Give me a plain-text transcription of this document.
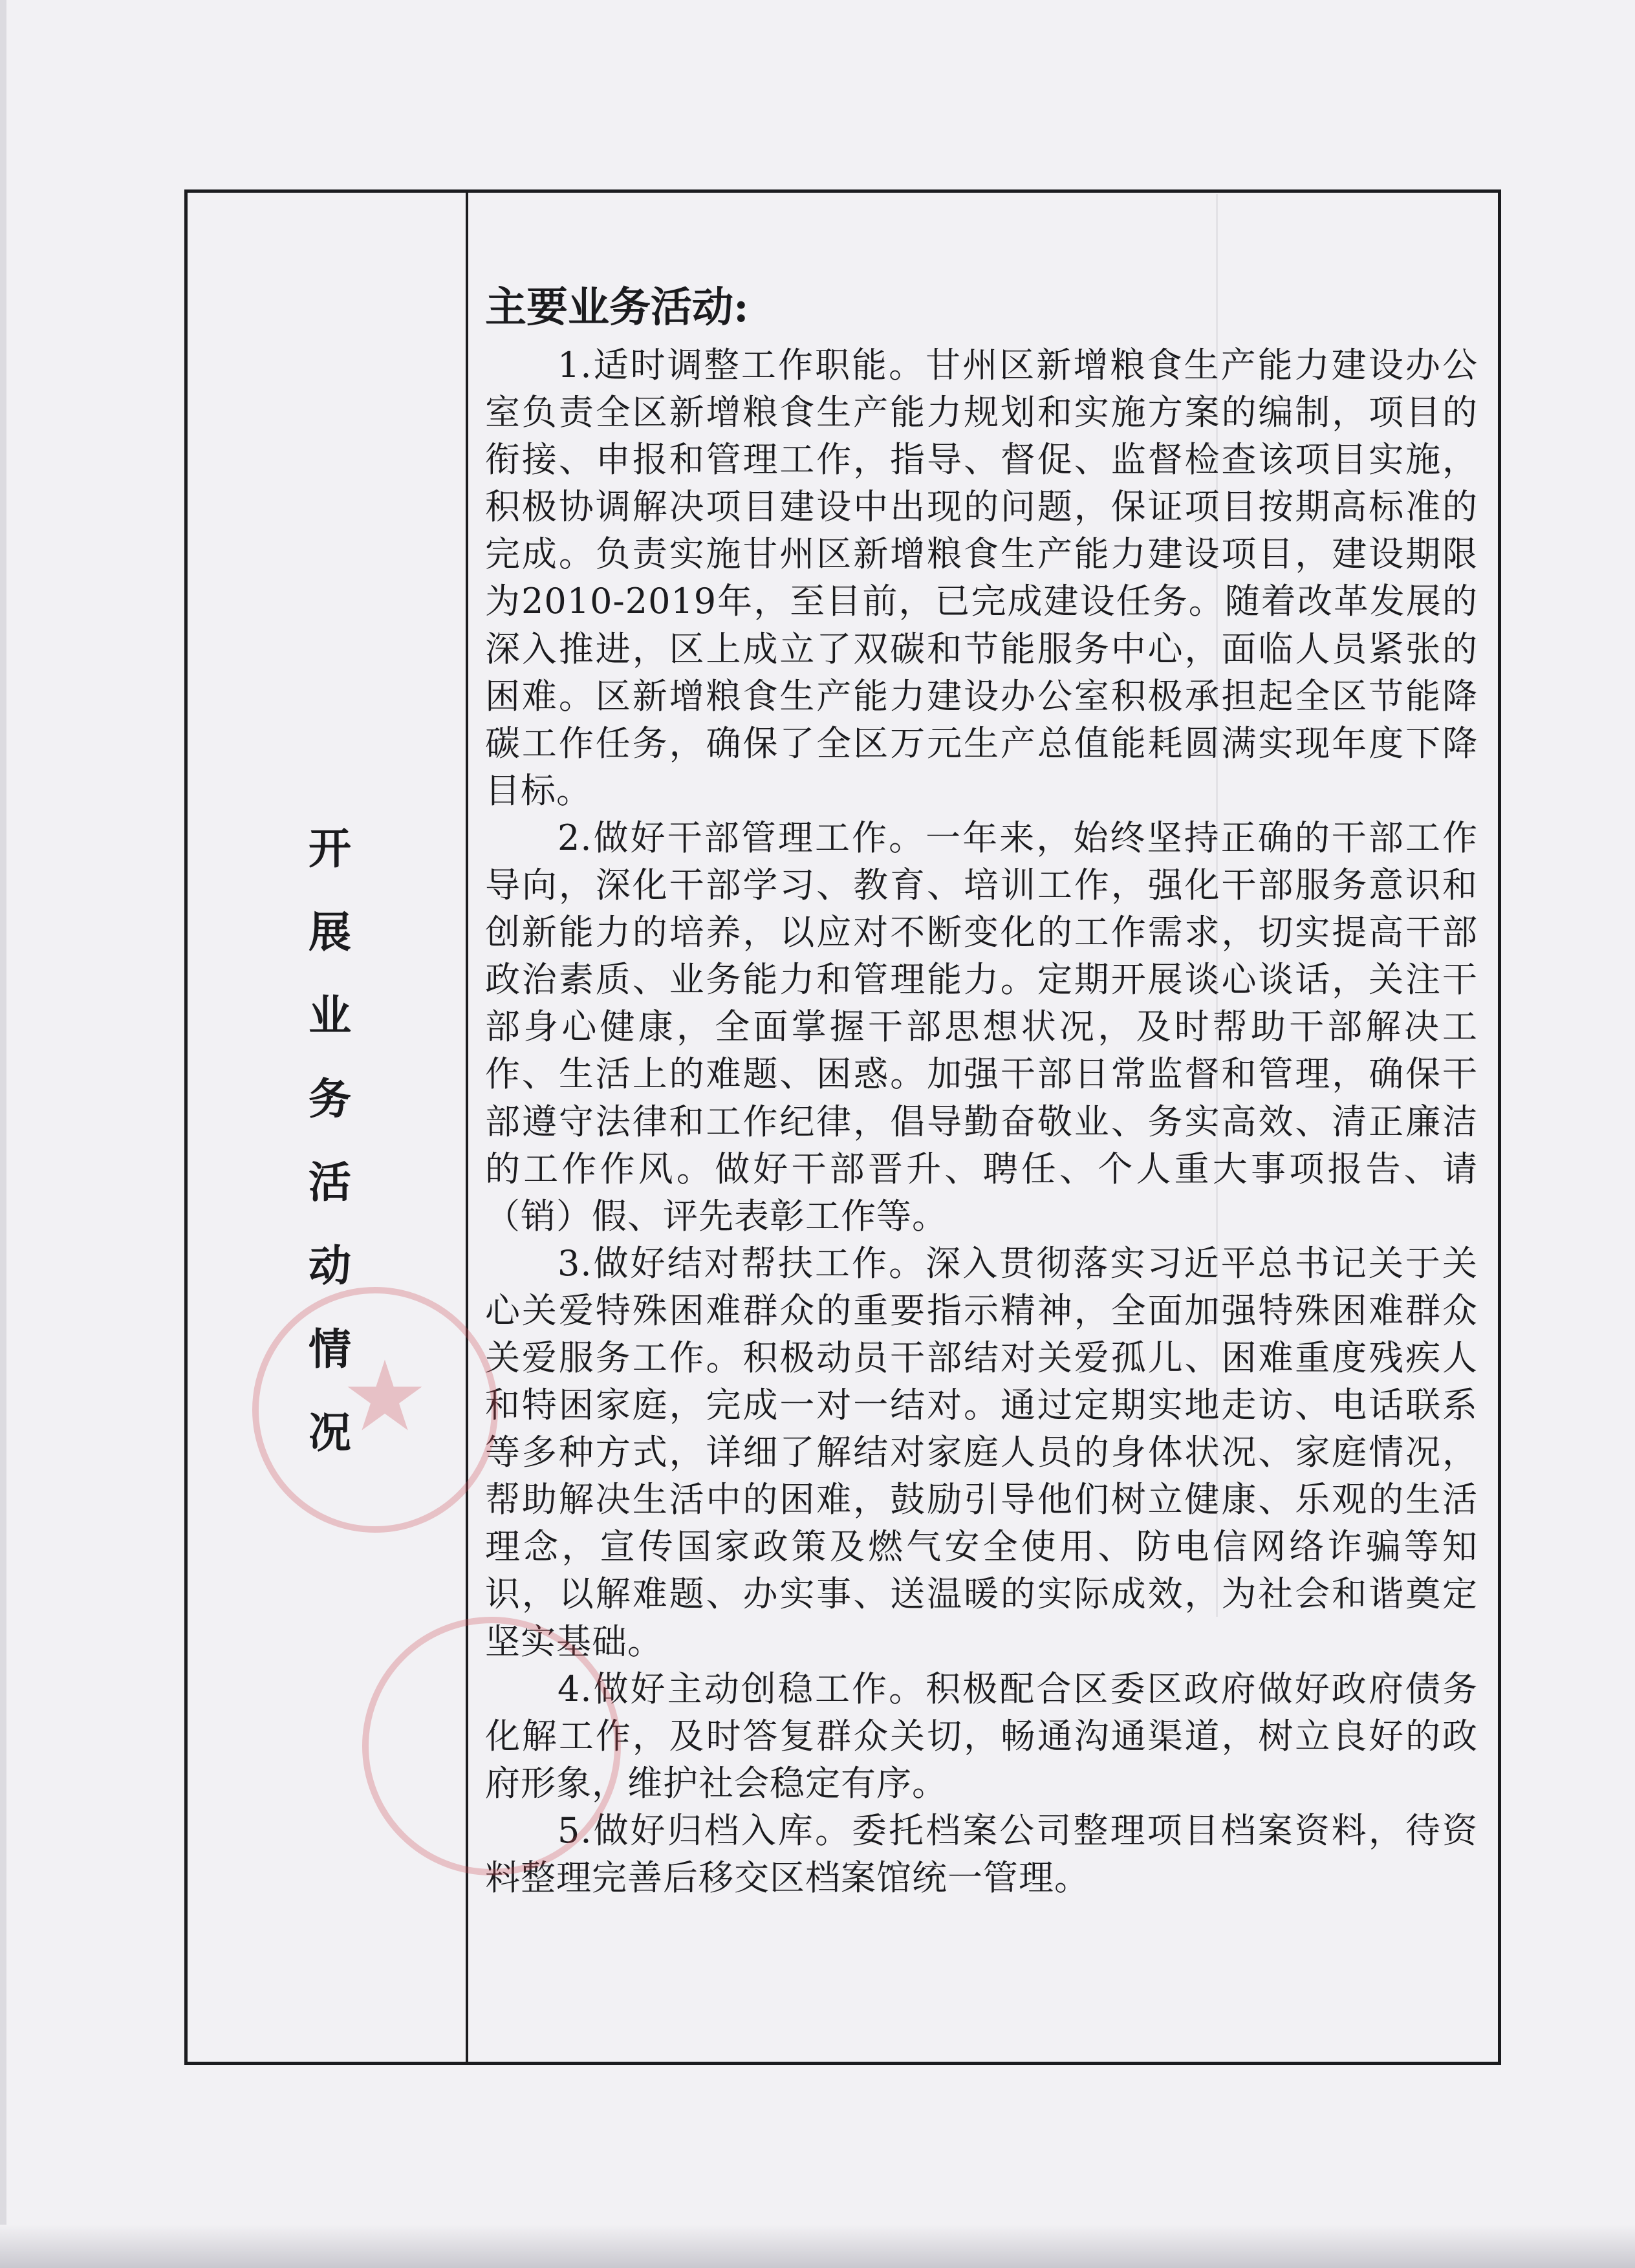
开
展
业
务
活
动
情
况
主要业务活动:

1.适时调整工作职能。甘州区新增粮食生产能力建设办公室负责全区新增粮食生产能力规划和实施方案的编制，项目的衔接、申报和管理工作，指导、督促、监督检查该项目实施，积极协调解决项目建设中出现的问题，保证项目按期高标准的完成。负责实施甘州区新增粮食生产能力建设项目，建设期限为2010-2019年，至目前，已完成建设任务。随着改革发展的深入推进，区上成立了双碳和节能服务中心，面临人员紧张的困难。区新增粮食生产能力建设办公室积极承担起全区节能降碳工作任务，确保了全区万元生产总值能耗圆满实现年度下降目标。

2.做好干部管理工作。一年来，始终坚持正确的干部工作导向，深化干部学习、教育、培训工作，强化干部服务意识和创新能力的培养，以应对不断变化的工作需求，切实提高干部政治素质、业务能力和管理能力。定期开展谈心谈话，关注干部身心健康，全面掌握干部思想状况，及时帮助干部解决工作、生活上的难题、困惑。加强干部日常监督和管理，确保干部遵守法律和工作纪律，倡导勤奋敬业、务实高效、清正廉洁的工作作风。做好干部晋升、聘任、个人重大事项报告、请（销）假、评先表彰工作等。

3.做好结对帮扶工作。深入贯彻落实习近平总书记关于关心关爱特殊困难群众的重要指示精神，全面加强特殊困难群众关爱服务工作。积极动员干部结对关爱孤儿、困难重度残疾人和特困家庭，完成一对一结对。通过定期实地走访、电话联系等多种方式，详细了解结对家庭人员的身体状况、家庭情况，帮助解决生活中的困难，鼓励引导他们树立健康、乐观的生活理念，宣传国家政策及燃气安全使用、防电信网络诈骗等知识，以解难题、办实事、送温暖的实际成效，为社会和谐奠定坚实基础。

4.做好主动创稳工作。积极配合区委区政府做好政府债务化解工作，及时答复群众关切，畅通沟通渠道，树立良好的政府形象，维护社会稳定有序。

5.做好归档入库。委托档案公司整理项目档案资料，待资料整理完善后移交区档案馆统一管理。

★
